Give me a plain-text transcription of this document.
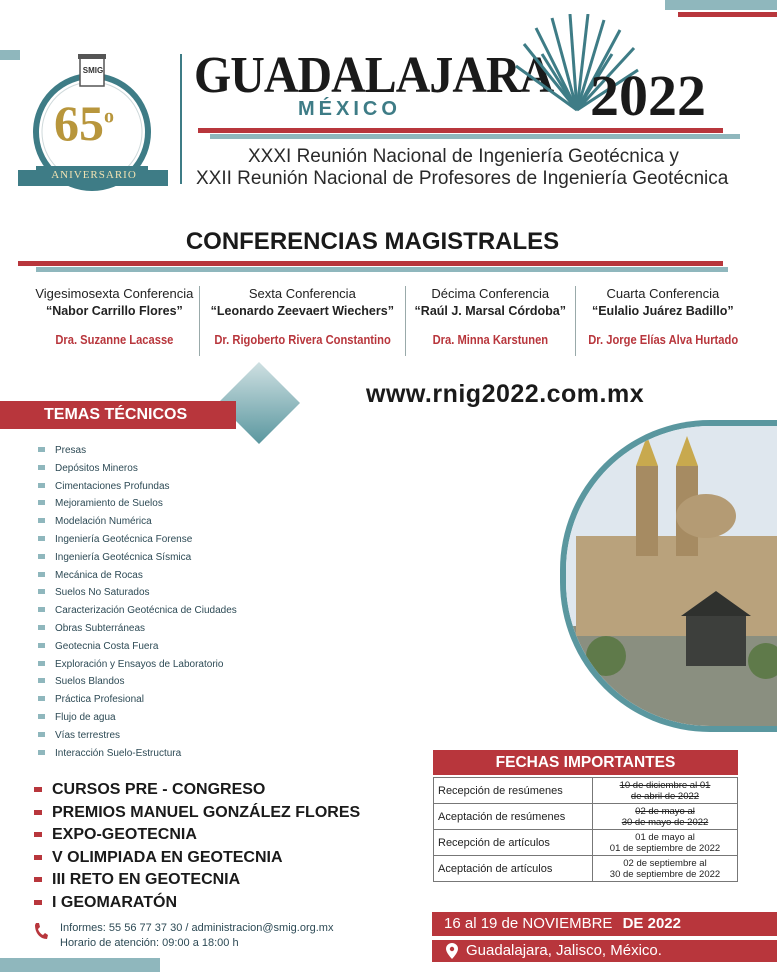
SMIG
65$^o$
ANIVERSARIO
GUADALAJARA
MÉXICO	2022
XXXI Reunión Nacional de Ingeniería Geotécnica y
XXII Reunión Nacional de Profesores de Ingeniería Geotécnica
CONFERENCIAS MAGISTRALES
Vigesimosexta Conferencia
“Nabor Carrillo Flores”
Dra. Suzanne Lacasse
Sexta Conferencia
“Leonardo Zeevaert Wiechers”
Dr. Rigoberto Rivera Constantino
Décima Conferencia
“Raúl J. Marsal Córdoba”
Dra. Minna Karstunen
Cuarta Conferencia
“Eulalio Juárez Badillo”
Dr. Jorge Elías Alva Hurtado
www.rnig2022.com.mx
TEMAS TÉCNICOS
Presas
Depósitos Mineros
Cimentaciones Profundas
Mejoramiento de Suelos
Modelación Numérica
Ingeniería Geotécnica Forense
Ingeniería Geotécnica Sísmica
Mecánica de Rocas
Suelos No Saturados
Caracterización Geotécnica de Ciudades
Obras Subterráneas
Geotecnia Costa Fuera
Exploración y Ensayos de Laboratorio
Suelos Blandos
Práctica Profesional
Flujo de agua
Vías terrestres
Interacción Suelo-Estructura
CURSOS PRE - CONGRESO
PREMIOS MANUEL GONZÁLEZ FLORES
EXPO-GEOTECNIA
V OLIMPIADA EN GEOTECNIA
III RETO EN GEOTECNIA
I GEOMARATÓN
Informes: 55 56 77 37 30 / administracion@smig.org.mx
Horario de atención: 09:00 a 18:00 h
FECHAS IMPORTANTES
Recepción de resúmenes	10 de diciembre al 01
de abril de 2022

Aceptación de resúmenes	02 de mayo al
30 de mayo de 2022

Recepción de artículos	01 de mayo al
01 de septiembre de 2022

Aceptación de artículos	02 de septiembre al
30 de septiembre de 2022
16 al 19 de NOVIEMBRE DE 2022
Guadalajara, Jalisco, México.
